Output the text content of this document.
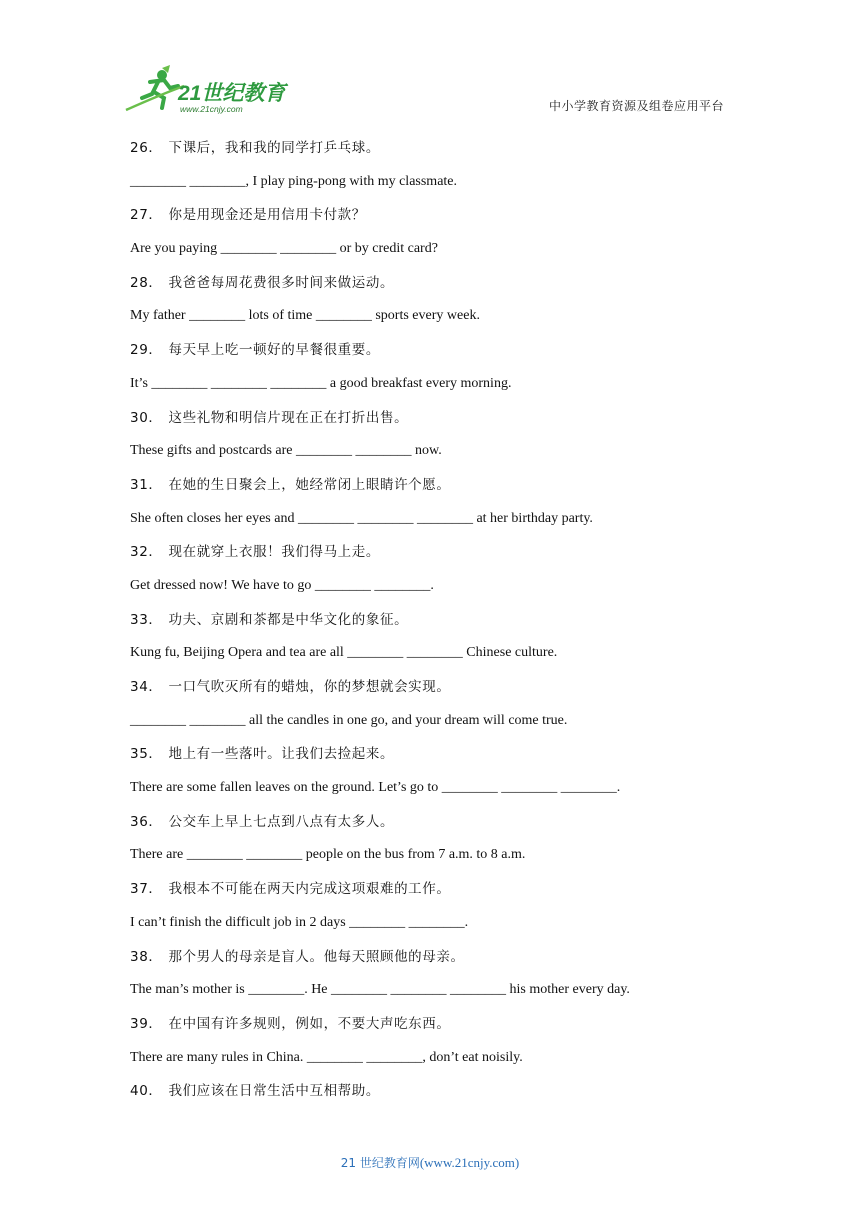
21世纪教育
www.21cnjy.com	中小学教育资源及组卷应用平台
26． 下课后，我和我的同学打乒乓球。
________ ________, I play ping-pong with my classmate.
27． 你是用现金还是用信用卡付款？
Are you paying ________ ________ or by credit card?
28． 我爸爸每周花费很多时间来做运动。
My father ________ lots of time ________ sports every week.
29． 每天早上吃一顿好的早餐很重要。
It’s ________ ________ ________ a good breakfast every morning.
30． 这些礼物和明信片现在正在打折出售。
These gifts and postcards are ________ ________ now.
31． 在她的生日聚会上，她经常闭上眼睛许个愿。
She often closes her eyes and ________ ________ ________ at her birthday party.
32． 现在就穿上衣服！我们得马上走。
Get dressed now! We have to go ________ ________.
33． 功夫、京剧和茶都是中华文化的象征。
Kung fu, Beijing Opera and tea are all ________ ________ Chinese culture.
34． 一口气吹灭所有的蜡烛，你的梦想就会实现。
________ ________ all the candles in one go, and your dream will come true.
35． 地上有一些落叶。让我们去捡起来。
There are some fallen leaves on the ground. Let’s go to ________ ________ ________.
36． 公交车上早上七点到八点有太多人。
There are ________ ________ people on the bus from 7 a.m. to 8 a.m.
37． 我根本不可能在两天内完成这项艰难的工作。
I can’t finish the difficult job in 2 days ________ ________.
38． 那个男人的母亲是盲人。他每天照顾他的母亲。
The man’s mother is ________. He ________ ________ ________ his mother every day.
39． 在中国有许多规则，例如，不要大声吃东西。
There are many rules in China. ________ ________, don’t eat noisily.
40． 我们应该在日常生活中互相帮助。
21 世纪教育网(www.21cnjy.com)
